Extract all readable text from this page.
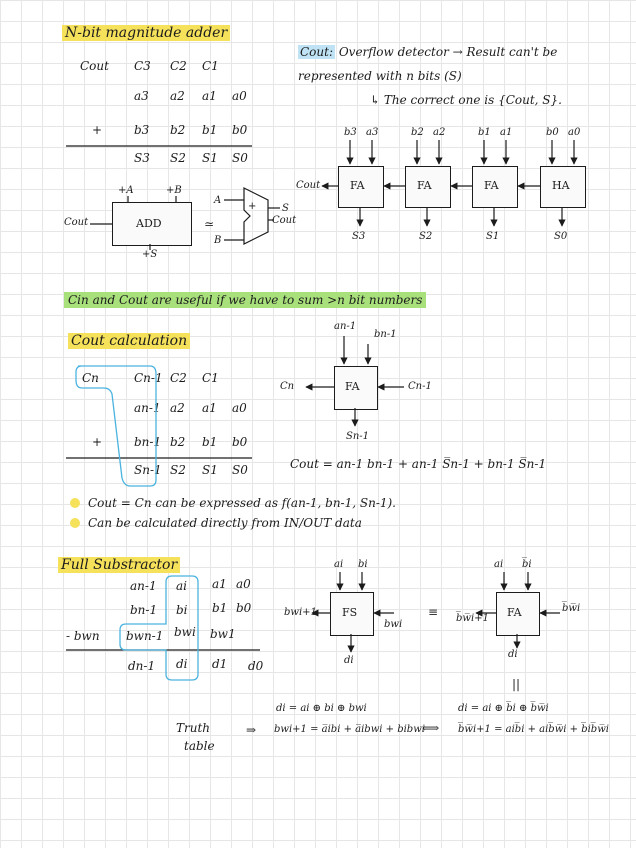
N-bit magnitude adder
Cout C3 C2 C1
a3 a2 a1 a0
+	b3 b2 b1 b0
S3 S2 S1 S0
ADD
+A	+B
+S
Cout	≃
A
B
+	S
Cout
Cout: Overflow detector → Result can't be
represented with n bits (S)
↳ The correct one is {Cout, S}.
FA	FA	FA	HA
b3 a3	b2 a2	b1 a1	b0 a0
S3	S2	S1	S0
Cout
Cin and Cout are useful if we have to sum >n bit numbers
Cout calculation
Cn	Cn-1 C2 C1
an-1 a2 a1 a0
+	bn-1 b2 b1 b0
Sn-1 S2 S1 S0
FA
an-1
bn-1
Cn-1
Cn
Sn-1
Cout = an-1 bn-1 + an-1 S̅n-1 + bn-1 S̅n-1
Cout = Cn can be expressed as f(an-1, bn-1, Sn-1).
Can be calculated directly from IN/OUT data
Full Substractor
an-1 ai a1 a0
bn-1 bi b1 b0
- bwn bwn-1 bwi bw1
dn-1 di d1 d0
FS
ai bi
bwi
bwi+1
di
≡	FA
ai b̅i
b̅w̅i
b̅w̅i+1
di
||
di = ai ⊕ bi ⊕ bwi	di = ai ⊕ b̅i ⊕ b̅w̅i
Truth
table
⇒ bwi+1 = a̅ibi + a̅ibwi + bibwi
⟺ b̅w̅i+1 = aib̅i + aib̅w̅i + b̅ib̅w̅i
